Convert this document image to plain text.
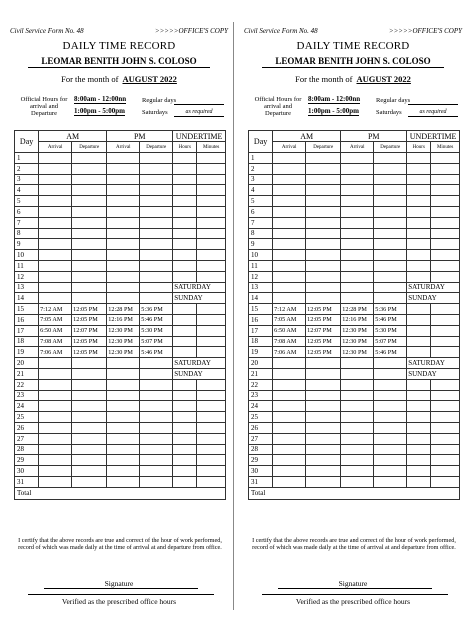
Civil Service Form No. 48	>>>>>OFFICE'S COPY
DAILY TIME RECORD
LEOMAR BENITH JOHN S. COLOSO
For the month of AUGUST 2022
Official Hours for arrival and Departure
8:00am - 12:00nn
1:00pm - 5:00pm
Regular days
Saturdays	as required
Day	AM		PM		UNDERTIME	
	Arrival	Departure	Arrival	Departure	Hours	Minutes
1						
2						
3						
4						
5						
6						
7						
8						
9						
10						
11						
12						
13					SATURDAY	
14					SUNDAY	
15	7:12 AM	12:05 PM	12:28 PM	5:36 PM		
16	7:05 AM	12:05 PM	12:16 PM	5:46 PM		
17	6:50 AM	12:07 PM	12:30 PM	5:30 PM		
18	7:08 AM	12:05 PM	12:30 PM	5:07 PM		
19	7:06 AM	12:05 PM	12:30 PM	5:46 PM		
20					SATURDAY	
21					SUNDAY	
22						
23						
24						
25						
26						
27						
28						
29						
30						
31						
Total						
I certify that the above records are true and correct of the hour of work performed, record of which was made daily at the time of arrival at and departure from office.
Signature
Verified as the prescribed office hours
Civil Service Form No. 48	>>>>>OFFICE'S COPY
DAILY TIME RECORD
LEOMAR BENITH JOHN S. COLOSO
For the month of AUGUST 2022
Official Hours for arrival and Departure
8:00am - 12:00nn
1:00pm - 5:00pm
Regular days
Saturdays	as required
Day	AM		PM		UNDERTIME	
	Arrival	Departure	Arrival	Departure	Hours	Minutes
1						
2						
3						
4						
5						
6						
7						
8						
9						
10						
11						
12						
13					SATURDAY	
14					SUNDAY	
15	7:12 AM	12:05 PM	12:28 PM	5:36 PM		
16	7:05 AM	12:05 PM	12:16 PM	5:46 PM		
17	6:50 AM	12:07 PM	12:30 PM	5:30 PM		
18	7:08 AM	12:05 PM	12:30 PM	5:07 PM		
19	7:06 AM	12:05 PM	12:30 PM	5:46 PM		
20					SATURDAY	
21					SUNDAY	
22						
23						
24						
25						
26						
27						
28						
29						
30						
31						
Total						
I certify that the above records are true and correct of the hour of work performed, record of which was made daily at the time of arrival at and departure from office.
Signature
Verified as the prescribed office hours
